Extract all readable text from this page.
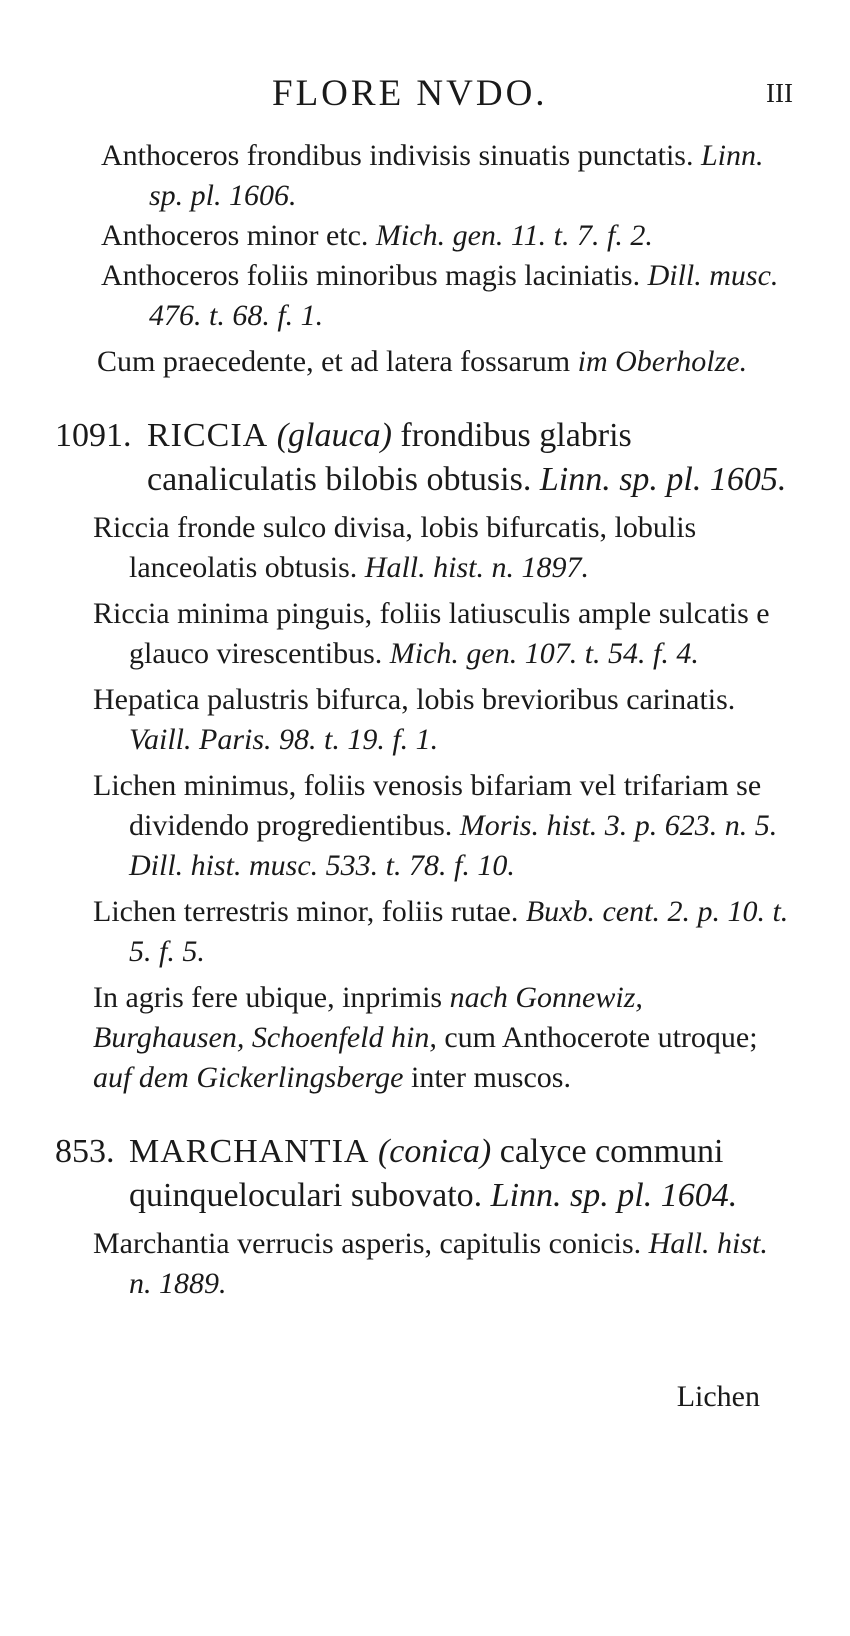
FLORE NVDO.	III

Anthoceros frondibus indivisis sinuatis punctatis. Linn. sp. pl. 1606.

Anthoceros minor etc. Mich. gen. 11. t. 7. f. 2.

Anthoceros foliis minoribus magis laciniatis. Dill. musc. 476. t. 68. f. 1.

Cum praecedente, et ad latera fossarum im Oberholze.

1091. RICCIA (glauca) frondibus glabris canaliculatis bilobis obtusis. Linn. sp. pl. 1605.

Riccia fronde sulco divisa, lobis bifurcatis, lobulis lanceolatis obtusis. Hall. hist. n. 1897.

Riccia minima pinguis, foliis latiusculis ample sulcatis e glauco virescentibus. Mich. gen. 107. t. 54. f. 4.

Hepatica palustris bifurca, lobis brevioribus carinatis. Vaill. Paris. 98. t. 19. f. 1.

Lichen minimus, foliis venosis bifariam vel trifariam se dividendo progredientibus. Moris. hist. 3. p. 623. n. 5. Dill. hist. musc. 533. t. 78. f. 10.

Lichen terrestris minor, foliis rutae. Buxb. cent. 2. p. 10. t. 5. f. 5.

In agris fere ubique, inprimis nach Gonnewiz, Burghausen, Schoenfeld hin, cum Anthocerote utroque; auf dem Gickerlingsberge inter muscos.

853. MARCHANTIA (conica) calyce communi quinqueloculari subovato. Linn. sp. pl. 1604.

Marchantia verrucis asperis, capitulis conicis. Hall. hist. n. 1889.

Lichen
